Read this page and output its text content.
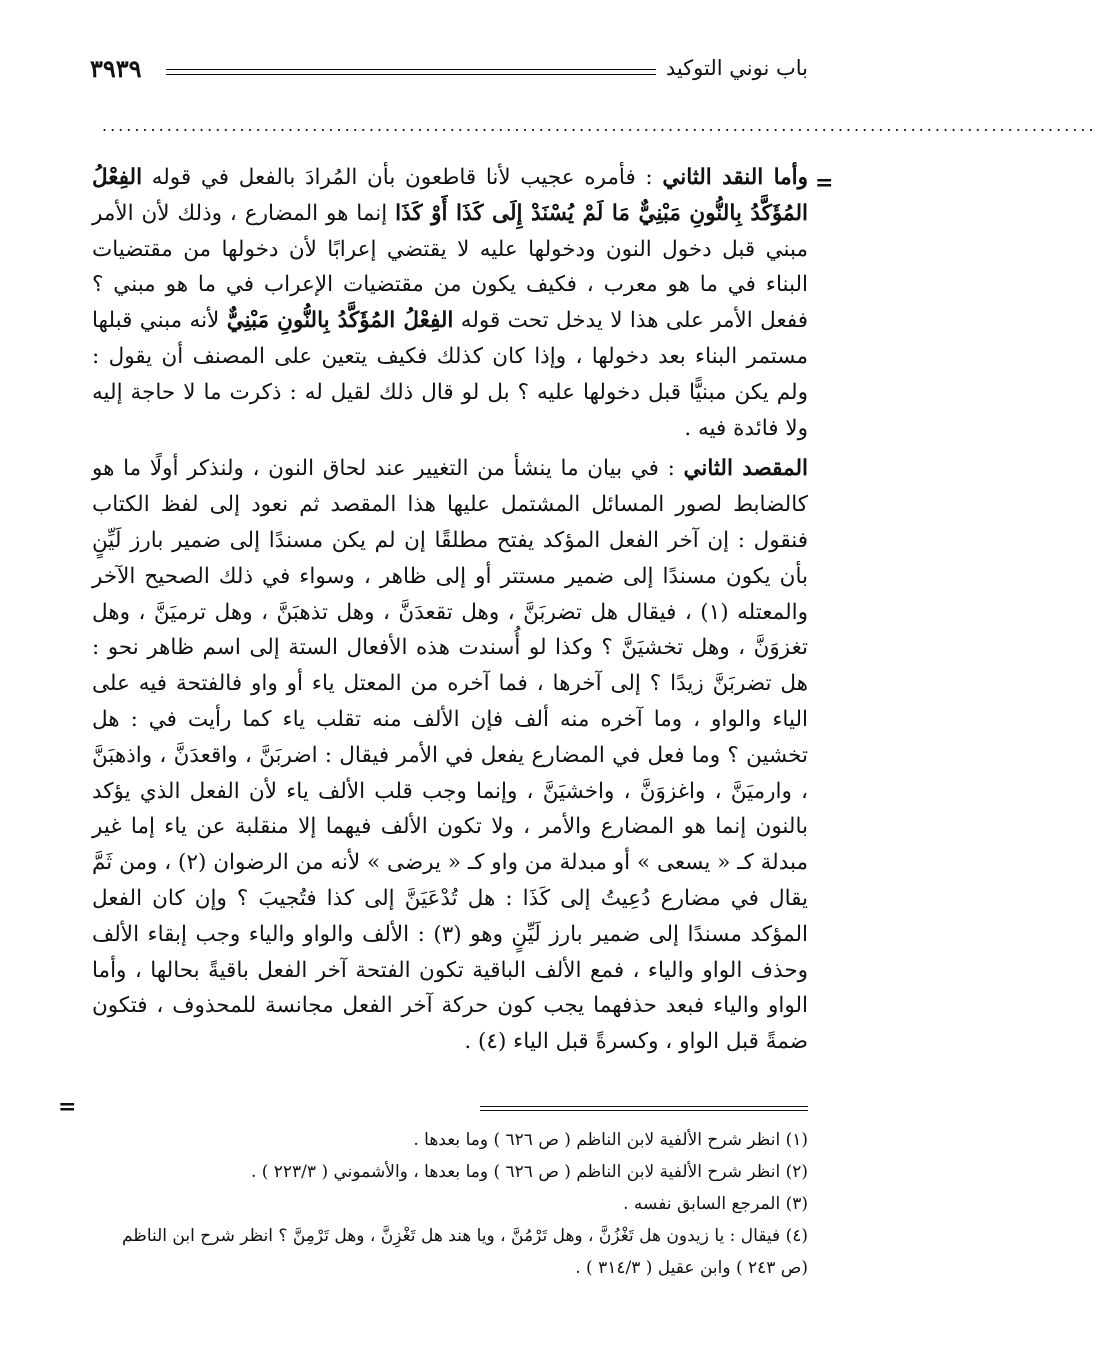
٣٩٣٩	باب نوني التوكيد
...........................................................................................................................
=

وأما النقد الثاني : فأمره عجيب لأنا قاطعون بأن المُرادَ بالفعل في قوله الفِعْلُ المُؤَكَّدُ بِالنُّونِ مَبْنِيٌّ مَا لَمْ يُسْنَدْ إِلَى كَذَا أَوْ كَذَا إنما هو المضارع ، وذلك لأن الأمر مبني قبل دخول النون ودخولها عليه لا يقتضي إعرابًا لأن دخولها من مقتضيات البناء في ما هو معرب ، فكيف يكون من مقتضيات الإعراب في ما هو مبني ؟ ففعل الأمر على هذا لا يدخل تحت قوله الفِعْلُ المُؤَكَّدُ بِالنُّونِ مَبْنِيٌّ لأنه مبني قبلها مستمر البناء بعد دخولها ، وإذا كان كذلك فكيف يتعين على المصنف أن يقول : ولم يكن مبنيًّا قبل دخولها عليه ؟ بل لو قال ذلك لقيل له : ذكرت ما لا حاجة إليه ولا فائدة فيه .

المقصد الثاني : في بيان ما ينشأ من التغيير عند لحاق النون ، ولنذكر أولًا ما هو كالضابط لصور المسائل المشتمل عليها هذا المقصد ثم نعود إلى لفظ الكتاب فنقول : إن آخر الفعل المؤكد يفتح مطلقًا إن لم يكن مسندًا إلى ضمير بارز لَيِّنٍ بأن يكون مسندًا إلى ضمير مستتر أو إلى ظاهر ، وسواء في ذلك الصحيح الآخر والمعتله (١) ، فيقال هل تضربَنَّ ، وهل تقعدَنَّ ، وهل تذهبَنَّ ، وهل ترميَنَّ ، وهل تغزوَنَّ ، وهل تخشيَنَّ ؟ وكذا لو أُسندت هذه الأفعال الستة إلى اسم ظاهر نحو : هل تضربَنَّ زيدًا ؟ إلى آخرها ، فما آخره من المعتل ياء أو واو فالفتحة فيه على الياء والواو ، وما آخره منه ألف فإن الألف منه تقلب ياء كما رأيت في : هل تخشين ؟ وما فعل في المضارع يفعل في الأمر فيقال : اضربَنَّ ، واقعدَنَّ ، واذهبَنَّ ، وارميَنَّ ، واغزوَنَّ ، واخشيَنَّ ، وإنما وجب قلب الألف ياء لأن الفعل الذي يؤكد بالنون إنما هو المضارع والأمر ، ولا تكون الألف فيهما إلا منقلبة عن ياء إما غير مبدلة كـ « يسعى » أو مبدلة من واو كـ « يرضى » لأنه من الرضوان (٢) ، ومن ثَمَّ يقال في مضارع دُعِيتُ إلى كَذَا : هل تُدْعَيَنَّ إلى كذا فتُجيبَ ؟ وإن كان الفعل المؤكد مسندًا إلى ضمير بارز لَيِّنٍ وهو (٣) : الألف والواو والياء وجب إبقاء الألف وحذف الواو والياء ، فمع الألف الباقية تكون الفتحة آخر الفعل باقيةً بحالها ، وأما الواو والياء فبعد حذفهما يجب كون حركة آخر الفعل مجانسة للمحذوف ، فتكون ضمةً قبل الواو ، وكسرةً قبل الياء (٤) .

=

(١) انظر شرح الألفية لابن الناظم ( ص ٦٢٦ ) وما بعدها .

(٢) انظر شرح الألفية لابن الناظم ( ص ٦٢٦ ) وما بعدها ، والأشموني ( ٢٢٣/٣ ) .

(٣) المرجع السابق نفسه .

(٤) فيقال : يا زيدون هل تَغْزُنَّ ، وهل تَرْمُنَّ ، ويا هند هل تَغْزِنَّ ، وهل تَرْمِنَّ ؟ انظر شرح ابن الناظم (ص ٢٤٣ ) وابن عقيل ( ٣١٤/٣ ) .
